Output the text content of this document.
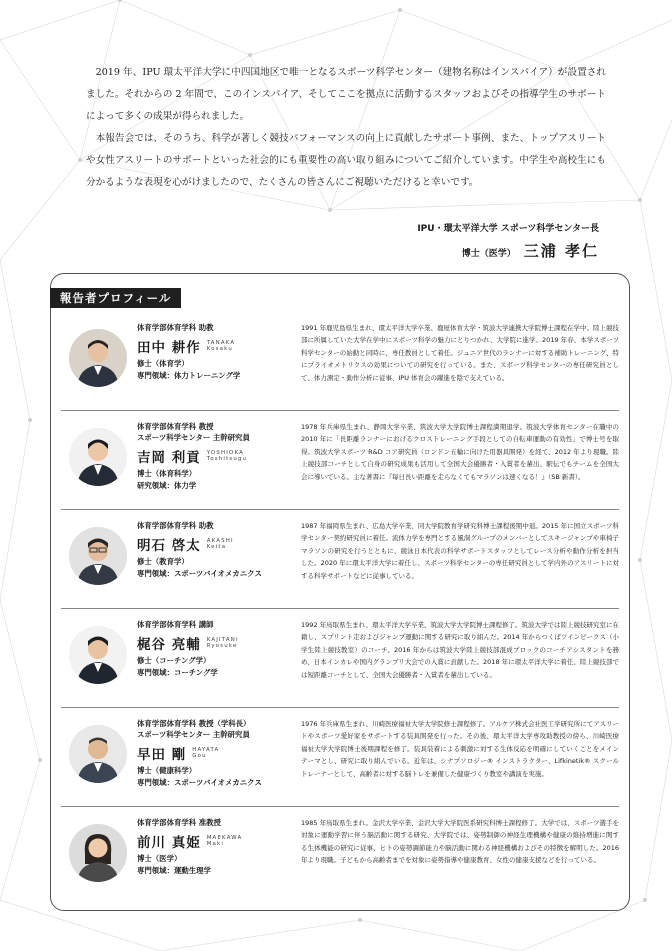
2019 年、IPU 環太平洋大学に中四国地区で唯一となるスポーツ科学センター（建物名称はインスパイア）が設置されました。それからの 2 年間で、このインスパイア、そしてここを拠点に活動するスタッフおよびその指導学生のサポートによって多くの成果が得られました。

本報告会では、そのうち、科学が著しく競技パフォーマンスの向上に貢献したサポート事例、また、トップアスリートや女性アスリートのサポートといった社会的にも重要性の高い取り組みについてご紹介しています。中学生や高校生にも分かるような表現を心がけましたので、たくさんの皆さんにご視聴いただけると幸いです。

IPU・環太平洋大学 スポーツ科学センター長
博士（医学） 三浦 孝仁
報告者プロフィール
体育学部体育学科 助教
田中 耕作 TANAKA
Kosaku
修士（体育学）
専門領域：体力トレーニング学
1991 年鹿児島県生まれ、環太平洋大学卒業、鹿屋体育大学・筑波大学連携大学院博士課程在学中。陸上競技部に所属していた大学在学中にスポーツ科学の魅力にとりつかれ、大学院に進学。2019 年春、本学スポーツ科学センターの始動と同時に、専任教員として着任。ジュニア世代のランナーに対する補助トレーニング、特にプライオメトリクスの効果についての研究を行っている。また、スポーツ科学センターの専任研究員として、体力測定・動作分析に従事、IPU 体育会の躍進を陰で支えている。
体育学部体育学科 教授
スポーツ科学センター 主幹研究員
吉岡 利貢 YOSHIOKA
Toshitsugu
博士（体育科学）
研究領域：体力学
1978 年兵庫県生まれ、静岡大学卒業、筑波大学大学院博士課程満期退学。筑波大学体育センター在職中の 2010 年に「長距離ランナーにおけるクロストレーニング手段としての自転車運動の有効性」で博士号を取得。筑波大学スポーツ R&D コア研究員（ロンドン五輪に向けた用器具開発）を経て、2012 年より現職。陸上競技部コーチとして自身の研究成果も活用して全国大会優勝者・入賞者を輩出、駅伝でもチームを全国大会に導いている。主な著書に『毎日長い距離を走らなくてもマラソンは速くなる！』（SB 新書）。
体育学部体育学科 助教
明石 啓太 AKASHI
Keita
修士（教育学）
専門領域：スポーツバイオメカニクス
1987 年福岡県生まれ、広島大学卒業、同大学院教育学研究科博士課程後期中退。2015 年に国立スポーツ科学センター契約研究員に着任。流体力学を専門とする風洞グループのメンバーとしてスキージャンプや車椅子マラソンの研究を行うとともに、競泳日本代表の科学サポートスタッフとしてレース分析や動作分析を担当した。2020 年に環太平洋大学に着任し、スポーツ科学センターの専任研究員として学内外のアスリートに対する科学サポートなどに従事している。
体育学部体育学科 講師
梶谷 亮輔 KAJITANI
Ryosuke
修士（コーチング学）
専門領域：コーチング学
1992 年鳥取県生まれ、環太平洋大学卒業、筑波大学大学院博士課程修了。筑波大学では陸上競技研究室に在籍し、スプリント走およびジャンプ運動に関する研究に取り組んだ。2014 年からつくばツインピークス（小学生陸上競技教室）のコーチ、2016 年からは筑波大学陸上競技部混成ブロックのコーチアシスタントを務め、日本インカレや国内グランプリ大会での入賞に貢献した。2018 年に環太平洋大学に着任、陸上競技部では短距離コーチとして、全国大会優勝者・入賞者を輩出している。
体育学部体育学科 教授（学科長）
スポーツ科学センター 主幹研究員
早田 剛 HAYATA
Gou
博士（健康科学）
専門領域：スポーツバイオメカニクス
1976 年兵庫県生まれ、川崎医療福祉大学大学院修士課程修了。アルケア株式会社医工学研究所にてアスリートやスポーツ愛好家をサポートする装具開発を行った。その後、環太平洋大学専攻助教授の傍ら、川崎医療福祉大学大学院博士後期課程を修了。装具装着による刺激に対する生体反応を明確にしていくことをメインテーマとし、研究に取り組んでいる。近年は、シナプソロジー® インストラクター、Lifkinetik® スクールトレーナーとして、高齢者に対する脳トレを兼備した健康づくり教室や講演を実施。
体育学部体育学科 准教授
前川 真姫 MAEKAWA
Maki
博士（医学）
専門領域：運動生理学
1985 年鳥取県生まれ。金沢大学卒業、金沢大学大学院医系研究科博士課程修了。大学では、スポーツ選手を対象に運動学習に伴う脳活動に関する研究、大学院では、姿勢制御の神経生理機構や健康の維持増進に関する生体機能の研究に従事、ヒトの姿勢調節能力や脳活動に関わる神経機構およびその特徴を解明した。2016 年より現職。子どもから高齢者までを対象に姿勢指導や健康教育、女性の健康支援などを行っている。
